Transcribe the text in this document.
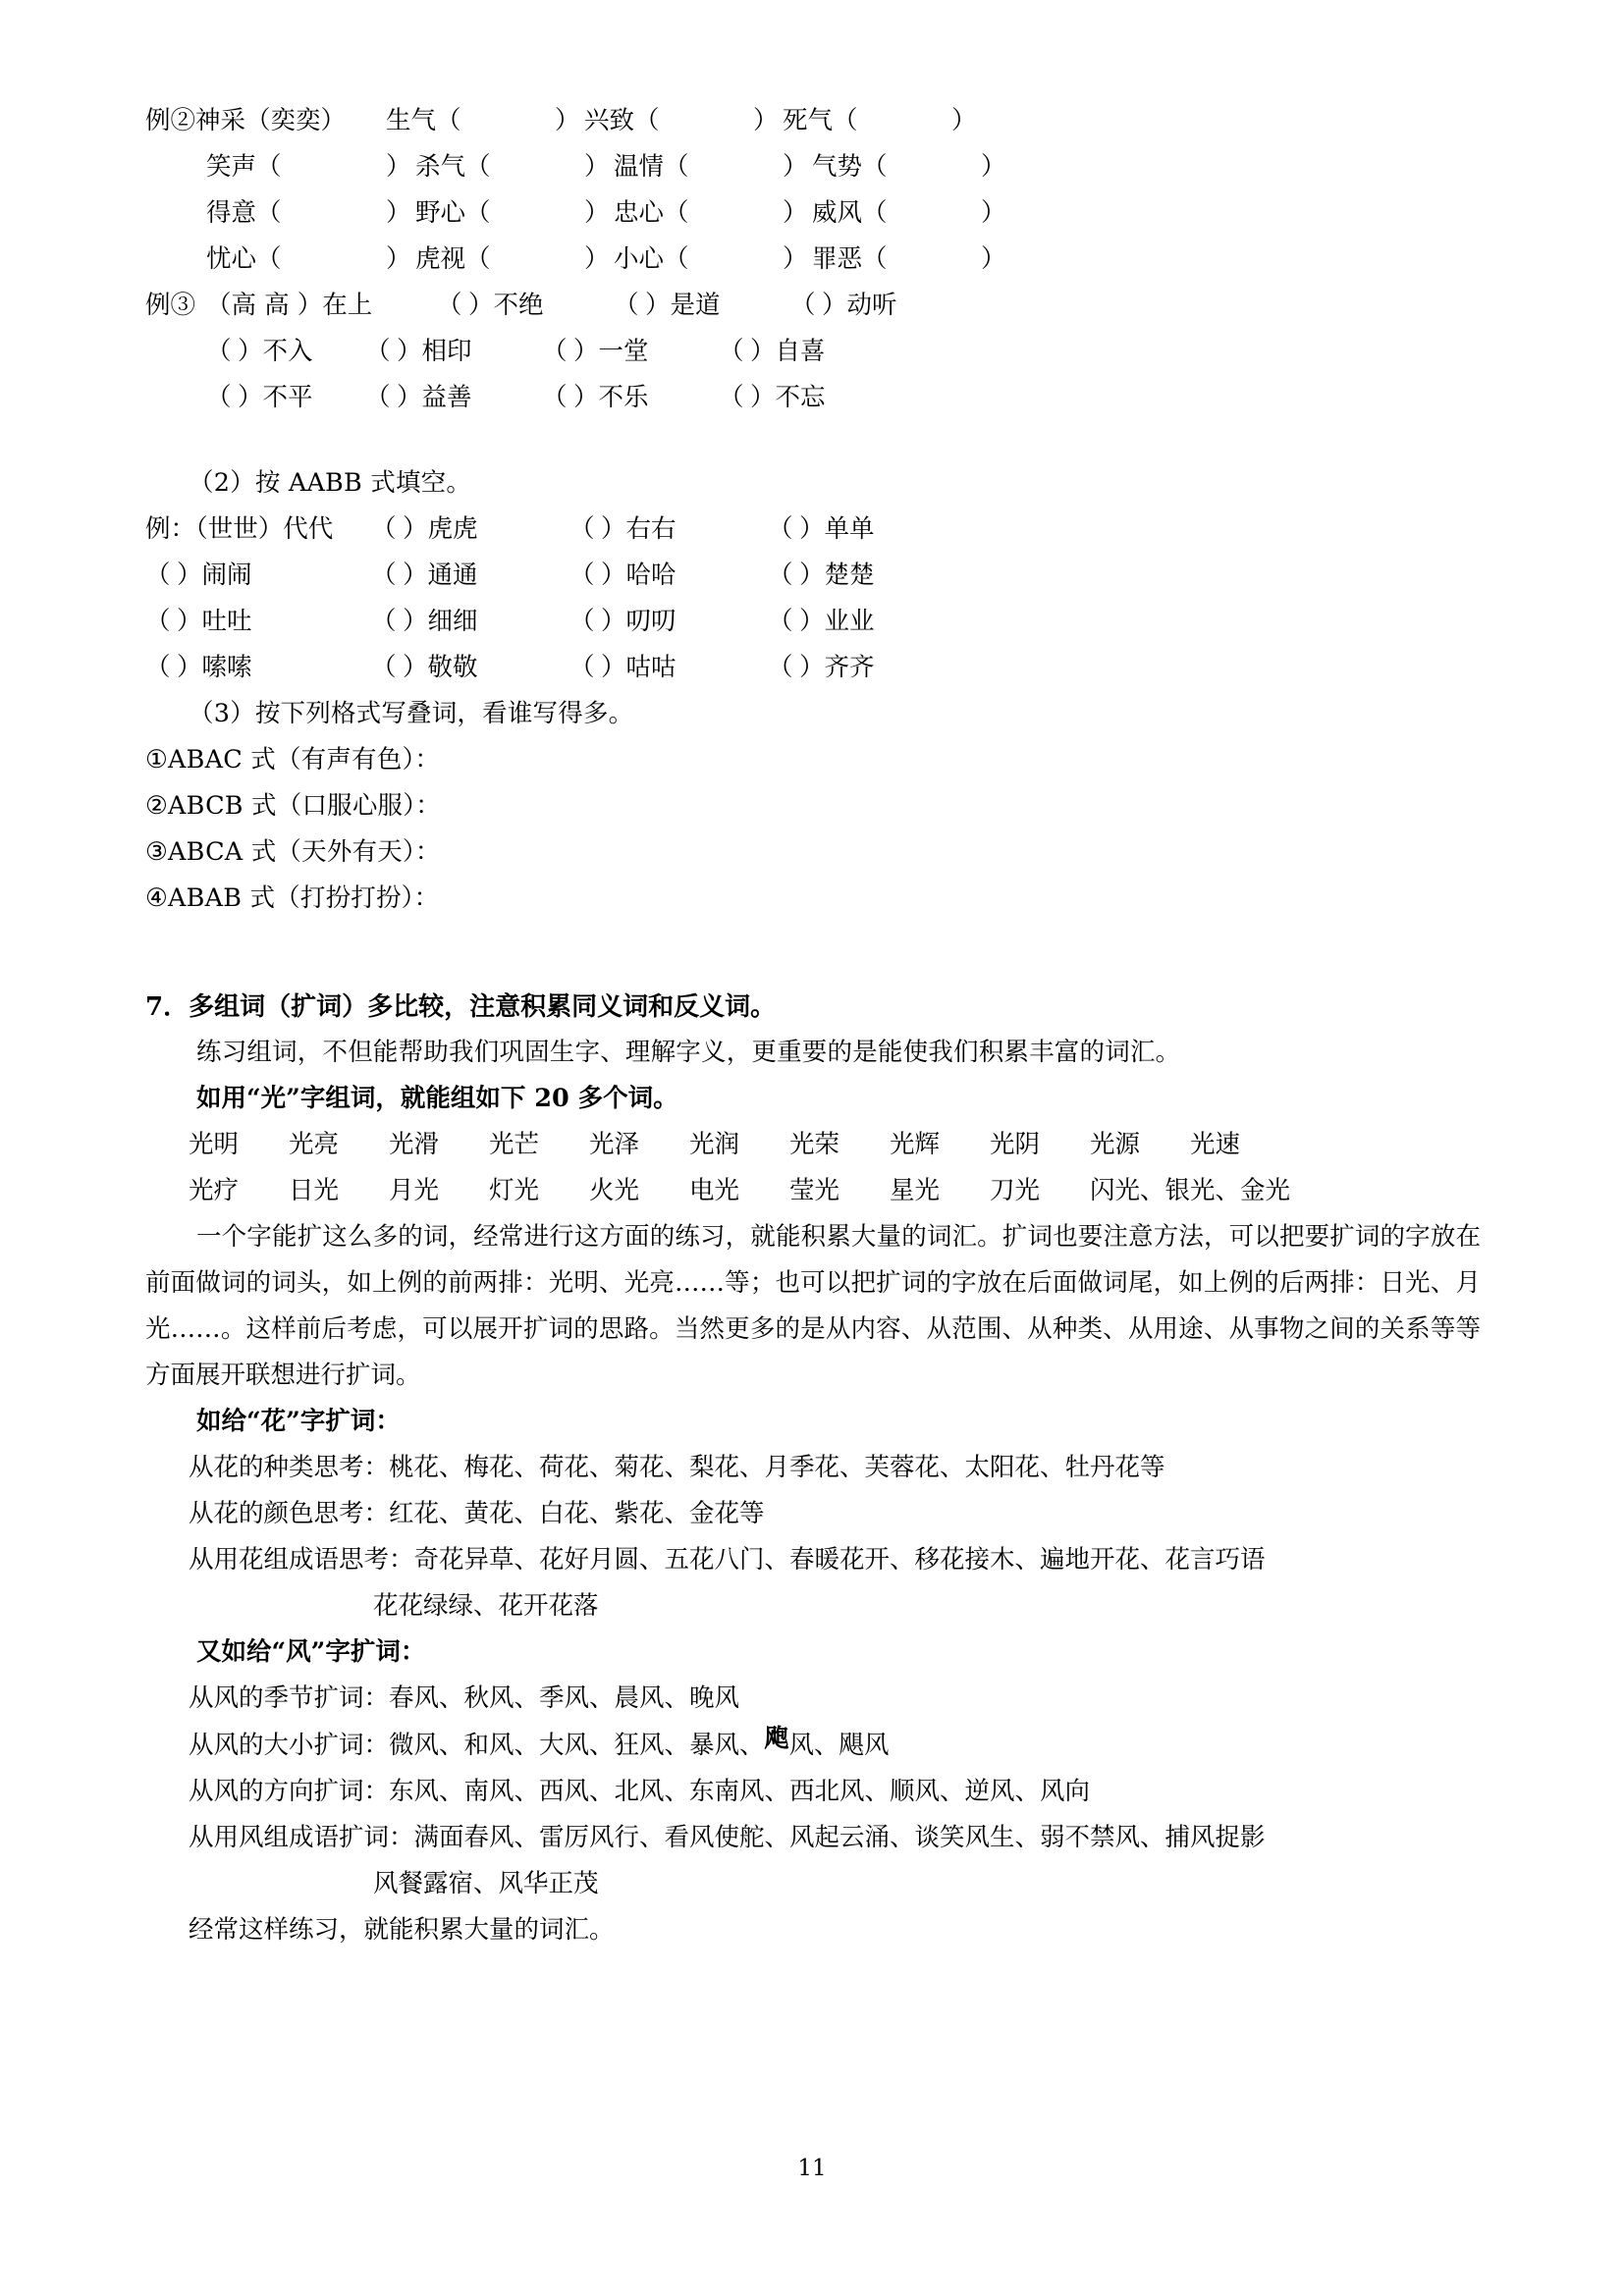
例②神采（奕奕）	生气（	） 兴致（	） 死气（	）

笑声（	） 杀气（	） 温情（	） 气势（	）

得意（	） 野心（	） 忠心（	） 威风（	）

忧心（	） 虎视（	） 小心（	） 罪恶（	）
例③ （高 高 ）在上	（ ）不绝	（ ）是道	（ ）动听

（ ）不入	（ ）相印	（ ）一堂	（ ）自喜

（ ）不平	（ ）益善	（ ）不乐	（ ）不忘
（2）按 AABB 式填空。
例：（世世）代代	（ ）虎虎	（ ）右右	（ ）单单
（ ）闹闹	（ ）通通	（ ）哈哈	（ ）楚楚
（ ）吐吐	（ ）细细	（ ）叨叨	（ ）业业
（ ）嗦嗦	（ ）敬敬	（ ）咕咕	（ ）齐齐
（3）按下列格式写叠词，看谁写得多。
①ABAC 式（有声有色）：
②ABCB 式（口服心服）：
③ABCA 式（天外有天）：
④ABAB 式（打扮打扮）：
7．多组词（扩词）多比较，注意积累同义词和反义词。
练习组词，不但能帮助我们巩固生字、理解字义，更重要的是能使我们积累丰富的词汇。
如用“光”字组词，就能组如下 20 多个词。
光明　　光亮　　光滑　　光芒　　光泽　　光润　　光荣　　光辉　　光阴　　光源　　光速
光疗　　日光　　月光　　灯光　　火光　　电光　　莹光　　星光　　刀光　　闪光、银光、金光
一个字能扩这么多的词，经常进行这方面的练习，就能积累大量的词汇。扩词也要注意方法，可以把要扩词的字放在前面做词的词头，如上例的前两排：光明、光亮……等；也可以把扩词的字放在后面做词尾，如上例的后两排：日光、月光……。这样前后考虑，可以展开扩词的思路。当然更多的是从内容、从范围、从种类、从用途、从事物之间的关系等等方面展开联想进行扩词。
如给“花”字扩词：
从花的种类思考：桃花、梅花、荷花、菊花、梨花、月季花、芙蓉花、太阳花、牡丹花等
从花的颜色思考：红花、黄花、白花、紫花、金花等
从用花组成语思考：奇花异草、花好月圆、五花八门、春暖花开、移花接木、遍地开花、花言巧语
花花绿绿、花开花落
又如给“风”字扩词：
从风的季节扩词：春风、秋风、季风、晨风、晚风
从风的大小扩词：微风、和风、大风、狂风、暴风、飑风、飓风
从风的方向扩词：东风、南风、西风、北风、东南风、西北风、顺风、逆风、风向
从用风组成语扩词：满面春风、雷厉风行、看风使舵、风起云涌、谈笑风生、弱不禁风、捕风捉影
风餐露宿、风华正茂
经常这样练习，就能积累大量的词汇。
11
